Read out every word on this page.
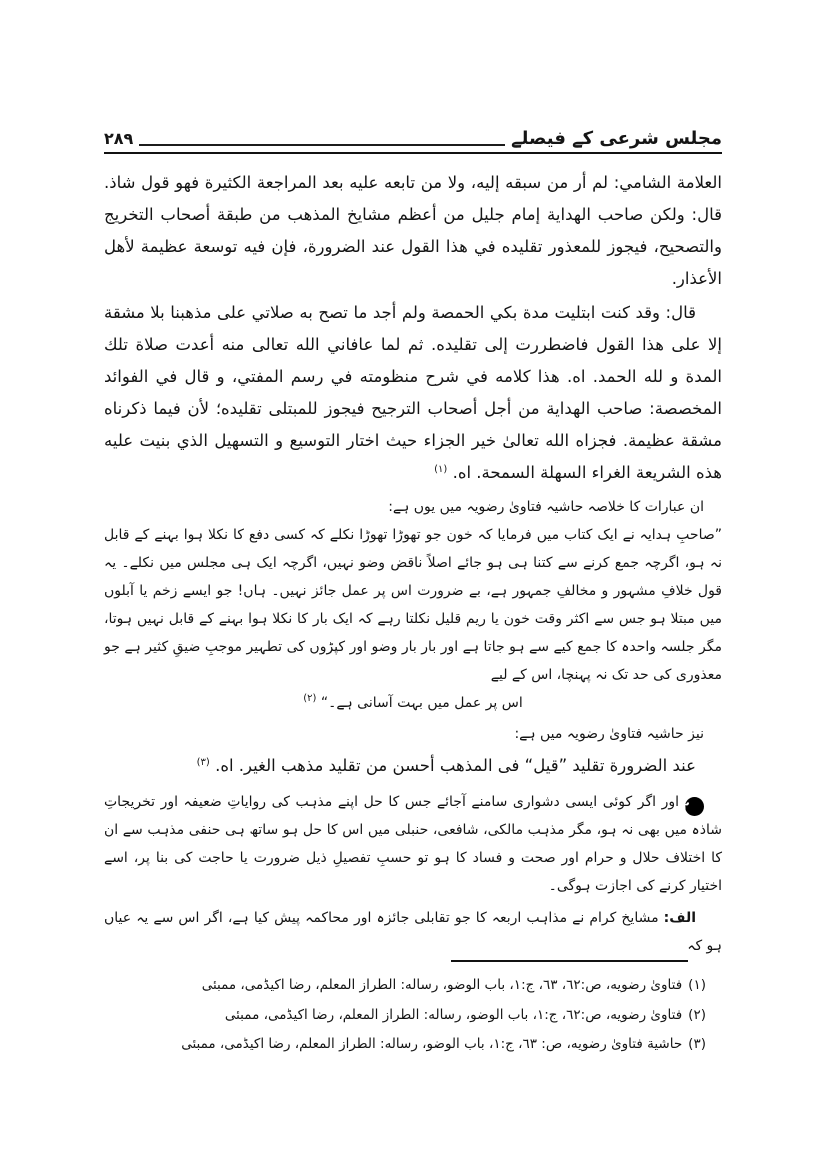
مجلس شرعی کے فیصلے
۲۸۹

العلامة الشامي: لم أر من سبقه إليه، ولا من تابعه عليه بعد المراجعة الكثيرة فهو قول شاذ. قال: ولكن صاحب الهداية إمام جليل من أعظم مشايخ المذهب من طبقة أصحاب التخريج والتصحيح، فيجوز للمعذور تقليده في هذا القول عند الضرورة، فإن فيه توسعة عظيمة لأهل الأعذار.

قال: وقد كنت ابتليت مدة بكي الحمصة ولم أجد ما تصح به صلاتي على مذهبنا بلا مشقة إلا على هذا القول فاضطررت إلى تقليده. ثم لما عافاني الله تعالى منه أعدت صلاة تلك المدة و لله الحمد. اه. هذا كلامه في شرح منظومته في رسم المفتي، و قال في الفوائد المخصصة: صاحب الهداية من أجل أصحاب الترجيح فيجوز للمبتلى تقليده؛ لأن فيما ذكرناه مشقة عظيمة. فجزاه الله تعالىٰ خير الجزاء حيث اختار التوسيع و التسهيل الذي بنيت عليه هذه الشريعة الغراء السهلة السمحة. اه. $^{(١)}$

ان عبارات کا خلاصہ حاشیہ فتاویٰ رضویہ میں یوں ہے:

”صاحبِ ہدایہ نے ایک کتاب میں فرمایا کہ خون جو تھوڑا تھوڑا نکلے کہ کسی دفع کا نکلا ہوا بہنے کے قابل نہ ہو، اگرچہ جمع کرنے سے کتنا ہی ہو جائے اصلاً ناقض وضو نہیں، اگرچہ ایک ہی مجلس میں نکلے۔ یہ قول خلافِ مشہور و مخالفِ جمہور ہے، بے ضرورت اس پر عمل جائز نہیں۔ ہاں! جو ایسے زخم یا آبلوں میں مبتلا ہو جس سے اکثر وقت خون یا ریم قلیل نکلتا رہے کہ ایک بار کا نکلا ہوا بہنے کے قابل نہیں ہوتا، مگر جلسہ واحدہ کا جمع کیے سے ہو جاتا ہے اور بار بار وضو اور کپڑوں کی تطہیر موجبِ ضیقِ کثیر ہے جو معذوری کی حد تک نہ پہنچا، اس کے لیے

اس پر عمل میں بہت آسانی ہے۔“ $^{(٢)}$

نیز حاشیہ فتاویٰ رضویہ میں ہے:

عند الضرورة تقليد ”قيل“ فى المذهب أحسن من تقليد مذهب الغير. اه. $^{(٣)}$

۲اور اگر کوئی ایسی دشواری سامنے آجائے جس کا حل اپنے مذہب کی روایاتِ ضعیفہ اور تخریجاتِ شاذہ میں بھی نہ ہو، مگر مذہب مالکی، شافعی، حنبلی میں اس کا حل ہو ساتھ ہی حنفی مذہب سے ان کا اختلاف حلال و حرام اور صحت و فساد کا ہو تو حسبِ تفصیلِ ذیل ضرورت یا حاجت کی بنا پر، اسے اختیار کرنے کی اجازت ہوگی۔

الف: مشایخ کرام نے مذاہب اربعہ کا جو تقابلی جائزہ اور محاکمہ پیش کیا ہے، اگر اس سے یہ عیاں ہو کہ

(١)
فتاوىٰ رضويه، ص:٦٢، ٦٣، ج:١، باب الوضو، رساله: الطراز المعلم، رضا اكيڈمى، ممبئى
(٢)
فتاوىٰ رضويه، ص:٦٢، ج:١، باب الوضو، رساله: الطراز المعلم، رضا اكيڈمى، ممبئى
(٣)
حاشية فتاوىٰ رضويه، ص: ٦٣، ج:١، باب الوضو، رساله: الطراز المعلم، رضا اكيڈمى، ممبئى
